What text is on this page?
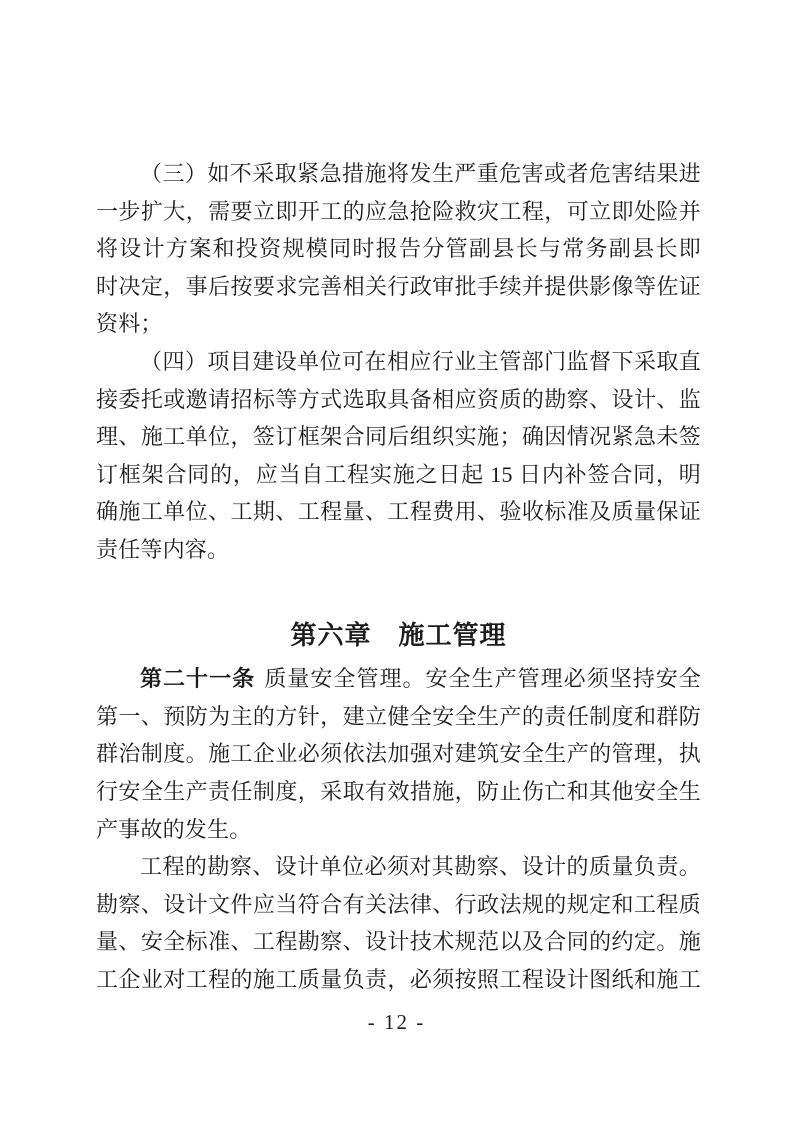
（三）如不采取紧急措施将发生严重危害或者危害结果进
一步扩大，需要立即开工的应急抢险救灾工程，可立即处险并
将设计方案和投资规模同时报告分管副县长与常务副县长即
时决定，事后按要求完善相关行政审批手续并提供影像等佐证
资料；
（四）项目建设单位可在相应行业主管部门监督下采取直
接委托或邀请招标等方式选取具备相应资质的勘察、设计、监
理、施工单位，签订框架合同后组织实施；确因情况紧急未签
订框架合同的，应当自工程实施之日起 15 日内补签合同，明
确施工单位、工期、工程量、工程费用、验收标准及质量保证
责任等内容。
第六章　施工管理
第二十一条 质量安全管理。安全生产管理必须坚持安全
第一、预防为主的方针，建立健全安全生产的责任制度和群防
群治制度。施工企业必须依法加强对建筑安全生产的管理，执
行安全生产责任制度，采取有效措施，防止伤亡和其他安全生
产事故的发生。
工程的勘察、设计单位必须对其勘察、设计的质量负责。
勘察、设计文件应当符合有关法律、行政法规的规定和工程质
量、安全标准、工程勘察、设计技术规范以及合同的约定。施
工企业对工程的施工质量负责，必须按照工程设计图纸和施工
- 12 -
